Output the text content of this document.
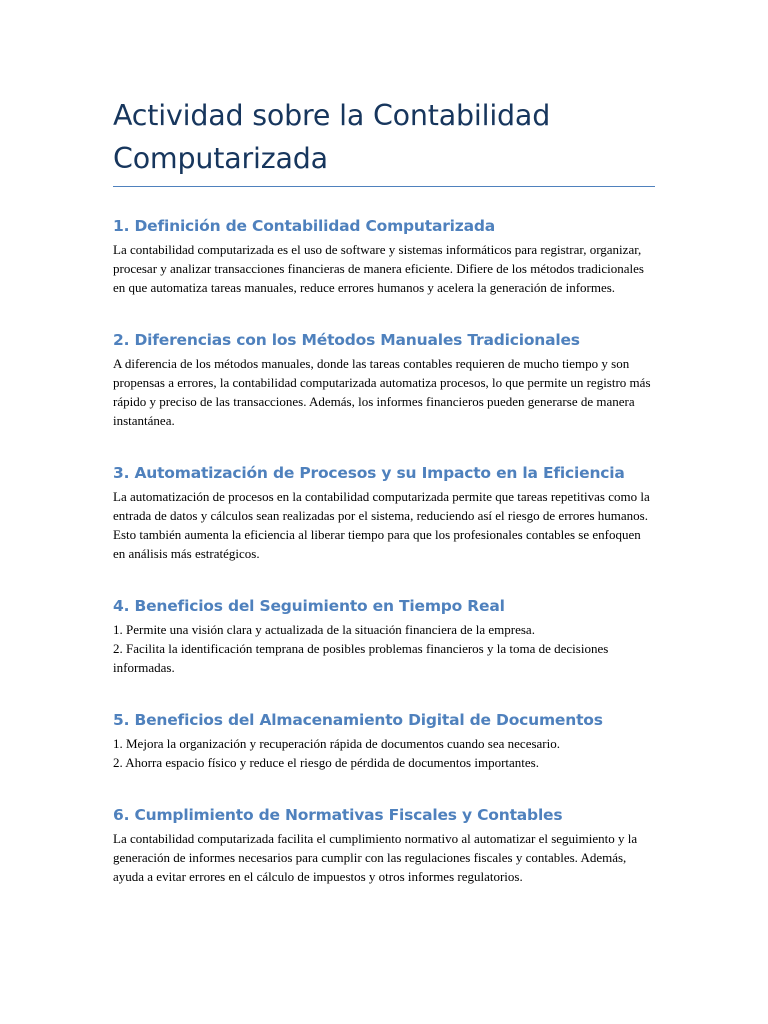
Actividad sobre la Contabilidad Computarizada
1. Definición de Contabilidad Computarizada

La contabilidad computarizada es el uso de software y sistemas informáticos para registrar, organizar, procesar y analizar transacciones financieras de manera eficiente. Difiere de los métodos tradicionales en que automatiza tareas manuales, reduce errores humanos y acelera la generación de informes.

2. Diferencias con los Métodos Manuales Tradicionales

A diferencia de los métodos manuales, donde las tareas contables requieren de mucho tiempo y son propensas a errores, la contabilidad computarizada automatiza procesos, lo que permite un registro más rápido y preciso de las transacciones. Además, los informes financieros pueden generarse de manera instantánea.

3. Automatización de Procesos y su Impacto en la Eficiencia

La automatización de procesos en la contabilidad computarizada permite que tareas repetitivas como la entrada de datos y cálculos sean realizadas por el sistema, reduciendo así el riesgo de errores humanos. Esto también aumenta la eficiencia al liberar tiempo para que los profesionales contables se enfoquen en análisis más estratégicos.

4. Beneficios del Seguimiento en Tiempo Real

1. Permite una visión clara y actualizada de la situación financiera de la empresa.

2. Facilita la identificación temprana de posibles problemas financieros y la toma de decisiones informadas.

5. Beneficios del Almacenamiento Digital de Documentos

1. Mejora la organización y recuperación rápida de documentos cuando sea necesario.

2. Ahorra espacio físico y reduce el riesgo de pérdida de documentos importantes.

6. Cumplimiento de Normativas Fiscales y Contables

La contabilidad computarizada facilita el cumplimiento normativo al automatizar el seguimiento y la generación de informes necesarios para cumplir con las regulaciones fiscales y contables. Además, ayuda a evitar errores en el cálculo de impuestos y otros informes regulatorios.
